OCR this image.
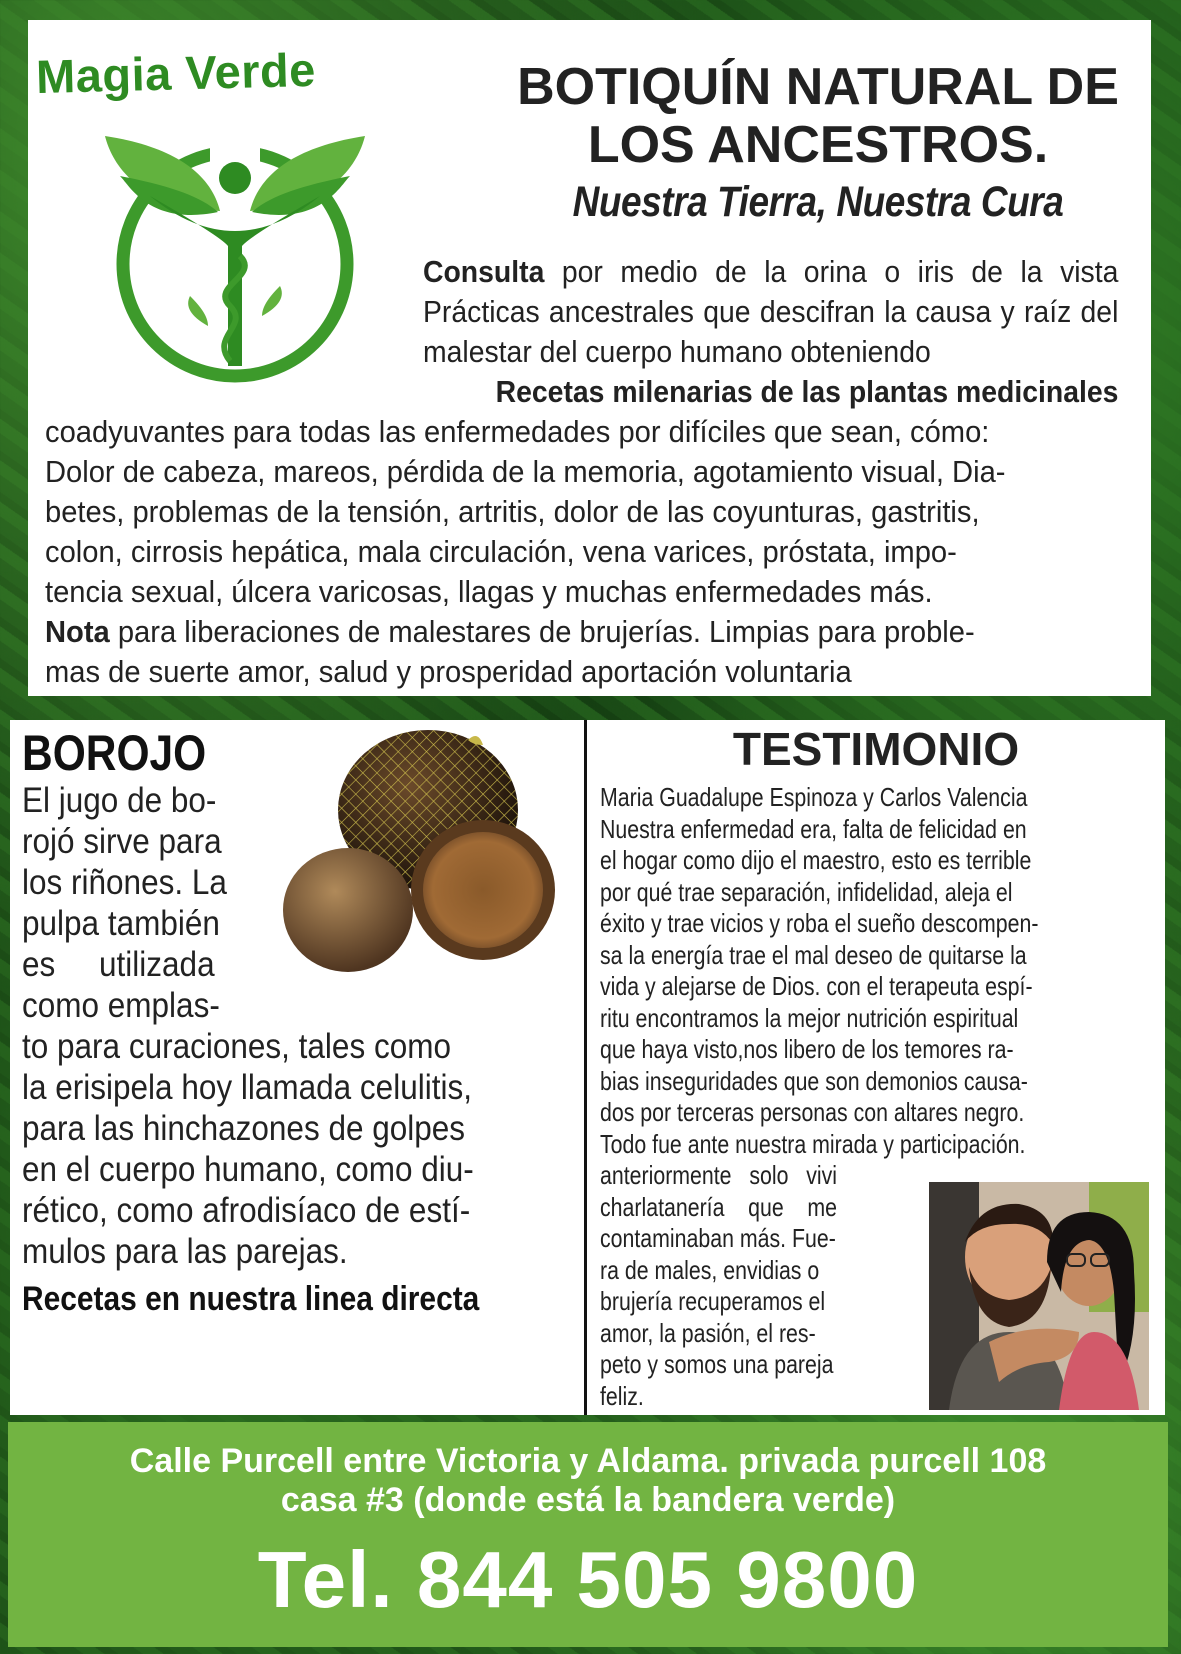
Magia Verde	BOTIQUÍN NATURAL DE
LOS ANCESTROS.
Nuestra Tierra, Nuestra Cura
Consulta por medio de la orina o iris de la vista Prácticas ancestrales que descifran la causa y raíz del malestar del cuerpo humano obteniendo
Recetas milenarias de las plantas medicinales
coadyuvantes para todas las enfermedades por difíciles que sean, cómo:
Dolor de cabeza, mareos, pérdida de la memoria, agotamiento visual, Dia-
betes, problemas de la tensión, artritis, dolor de las coyunturas, gastritis,
colon, cirrosis hepática, mala circulación, vena varices, próstata, impo-
tencia sexual, úlcera varicosas, llagas y muchas enfermedades más.
Nota para liberaciones de malestares de brujerías. Limpias para proble-
mas de suerte amor, salud y prosperidad aportación voluntaria
BOROJO
El jugo de bo-
rojó sirve para
los riñones. La
pulpa también
es     utilizada
como emplas-
to para curaciones, tales como
la erisipela hoy llamada celulitis,
para las hinchazones de golpes
en el cuerpo humano, como diu-
rético, como afrodisíaco de estí-
mulos para las parejas.
Recetas en nuestra linea directa
TESTIMONIO
Maria Guadalupe Espinoza y Carlos Valencia
Nuestra enfermedad era, falta de felicidad en
el hogar como dijo el maestro, esto es terrible
por qué trae separación, infidelidad, aleja el
éxito y trae vicios y roba el sueño descompen-
sa la energía trae el mal deseo de quitarse la
vida y alejarse de Dios. con el terapeuta espí-
ritu encontramos la mejor nutrición espiritual
que haya visto,nos libero de los temores ra-
bias inseguridades que son demonios causa-
dos por terceras personas con altares negro.
Todo fue ante nuestra mirada y participación.
anteriormente   solo   vivi
charlatanería    que    me
contaminaban más. Fue-
ra de males, envidias o
brujería recuperamos el
amor, la pasión, el res-
peto y somos una pareja
feliz.
Calle Purcell entre Victoria y Aldama. privada purcell 108
casa #3 (donde está la bandera verde)
Tel. 844 505 9800
